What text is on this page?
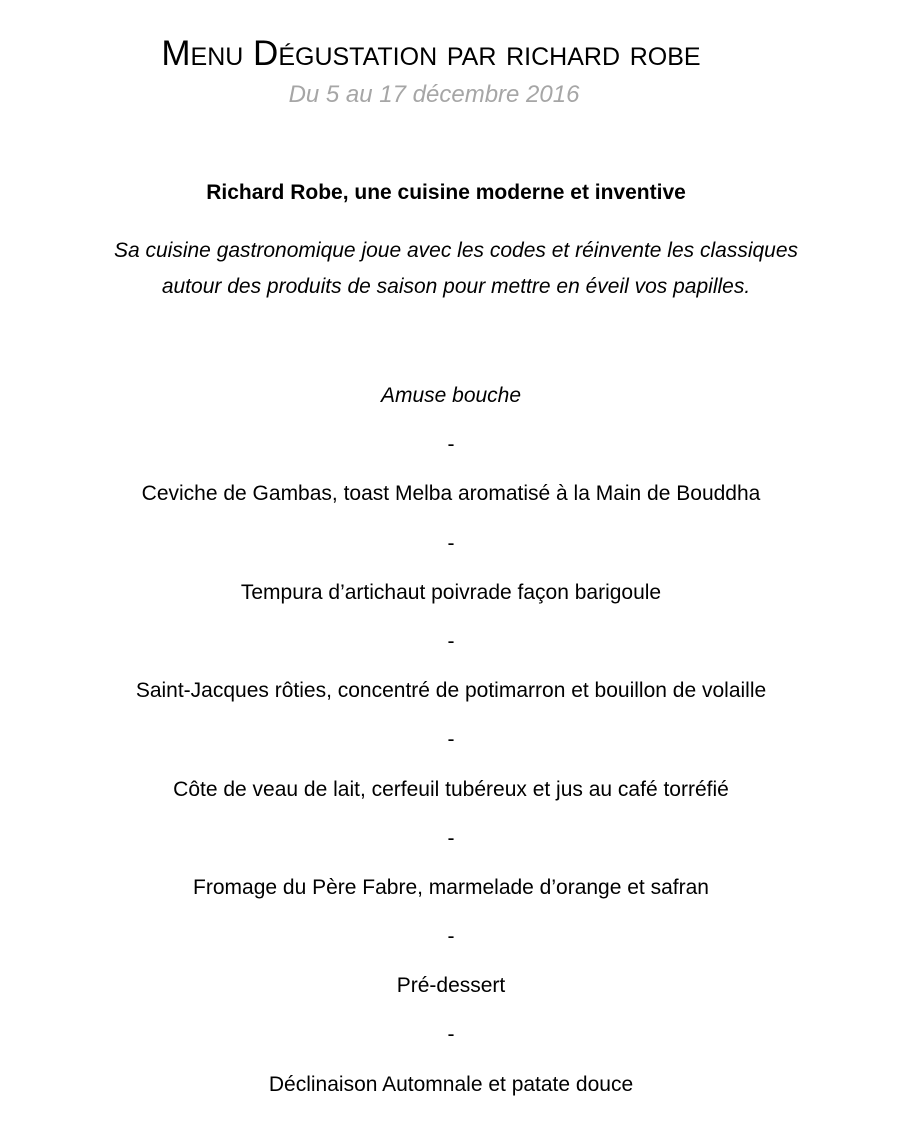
Menu Dégustation par richard robe
Du 5 au 17 décembre 2016
Richard Robe, une cuisine moderne et inventive
Sa cuisine gastronomique joue avec les codes et réinvente les classiques
autour des produits de saison pour mettre en éveil vos papilles.
Amuse bouche
-
Ceviche de Gambas, toast Melba aromatisé à la Main de Bouddha
-
Tempura d’artichaut poivrade façon barigoule
-
Saint-Jacques rôties, concentré de potimarron et bouillon de volaille
-
Côte de veau de lait, cerfeuil tubéreux et jus au café torréfié
-
Fromage du Père Fabre, marmelade d’orange et safran
-
Pré-dessert
-
Déclinaison Automnale et patate douce
